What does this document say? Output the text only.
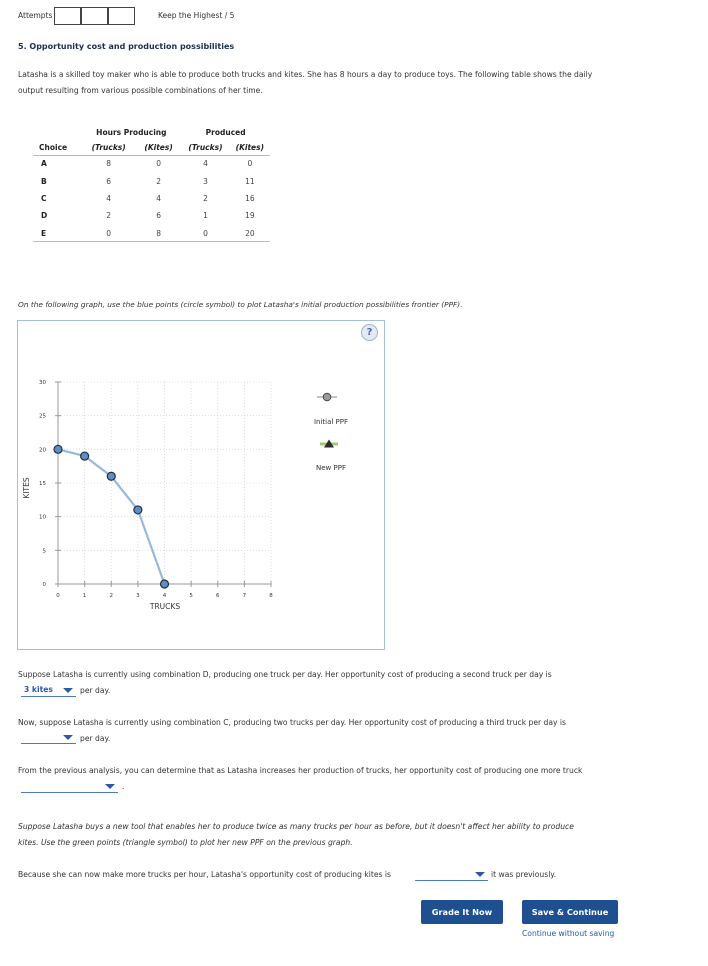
Attempts	Keep the Highest / 5
5. Opportunity cost and production possibilities
Latasha is a skilled toy maker who is able to produce both trucks and kites. She has 8 hours a day to produce toys. The following table shows the daily
output resulting from various possible combinations of her time.
	Hours Producing		Produced	
Choice	(Trucks)	(Kites)	(Trucks)	(Kites)
A	8	0	4	0
B	6	2	3	11
C	4	4	2	16
D	2	6	1	19
E	0	8	0	20
On the following graph, use the blue points (circle symbol) to plot Latasha's initial production possibilities frontier (PPF).
?
0	1	2	3	4	5	6	7	8
0
5
10
15
20
25
30
TRUCKS
KITES
Initial PPF
New PPF
Suppose Latasha is currently using combination D, producing one truck per day. Her opportunity cost of producing a second truck per day is
3 kites	per day.
Now, suppose Latasha is currently using combination C, producing two trucks per day. Her opportunity cost of producing a third truck per day is
per day.
From the previous analysis, you can determine that as Latasha increases her production of trucks, her opportunity cost of producing one more truck
.
Suppose Latasha buys a new tool that enables her to produce twice as many trucks per hour as before, but it doesn't affect her ability to produce
kites. Use the green points (triangle symbol) to plot her new PPF on the previous graph.
Because she can now make more trucks per hour, Latasha's opportunity cost of producing kites is	it was previously.
Grade It Now	Save & Continue
Continue without saving
